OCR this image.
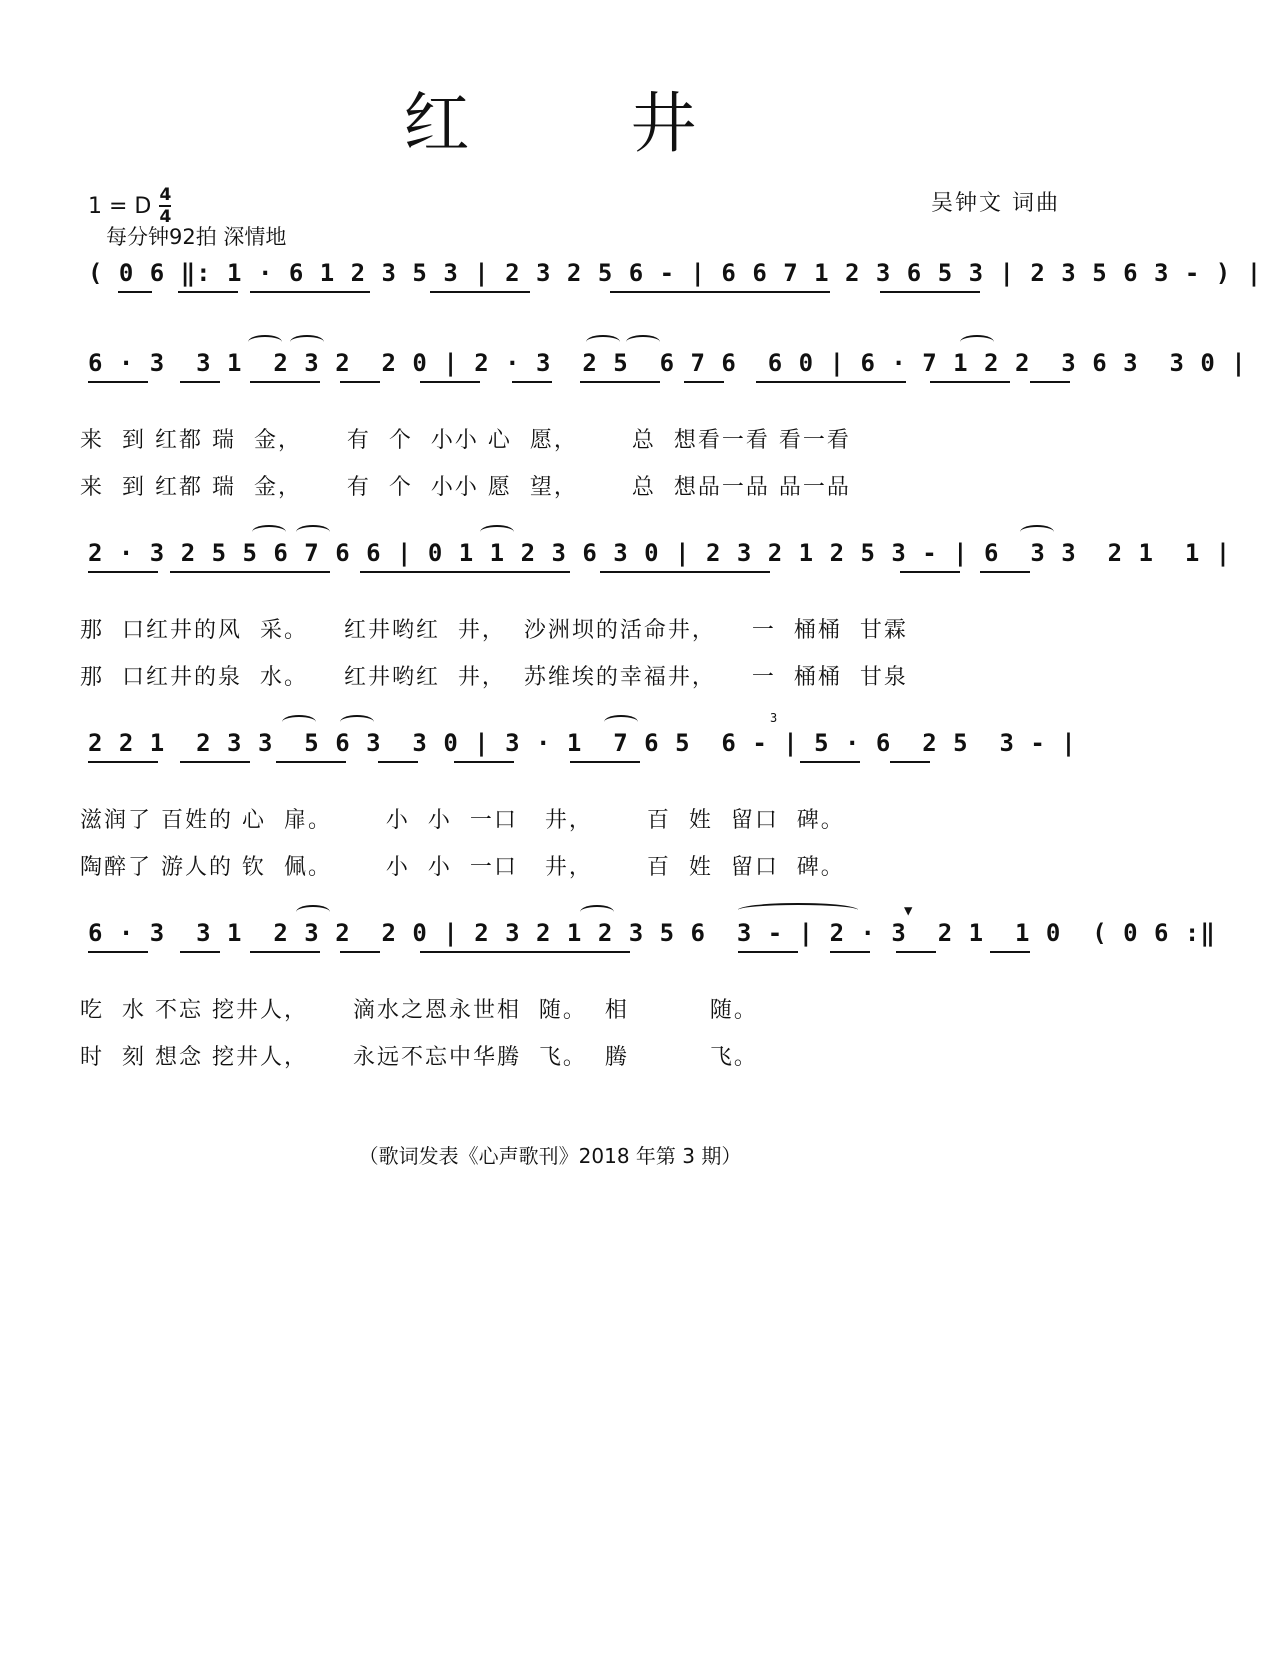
红 井
1 = D $\frac{4}{4}$
每分钟92拍 深情地
吴钟文 词曲
( 0 6 ‖: 1 · 6 1 2 3 5 3 | 2 3 2 5 6 - | 6 6 7 1 2 3 6 5 3 | 2 3 5 6 3 - ) |
6 · 3  3 1  2 3 2  2 0 | 2 · 3  2 5  6 7 6  6 0 | 6 · 7 1 2 2  3 6 3  3 0 |
来  到 红都 瑞  金，     有  个  小小 心  愿，      总  想看一看 看一看
来  到 红都 瑞  金，     有  个  小小 愿  望，      总  想品一品 品一品
2 · 3 2 5 5 6 7 6 6 | 0 1 1 2 3 6 3 0 | 2 3 2 1 2 5 3 - | 6  3 3  2 1  1 |
那  口红井的风  采。    红井哟红  井，  沙洲坝的活命井，    一  桶桶  甘霖
那  口红井的泉  水。    红井哟红  井，  苏维埃的幸福井，    一  桶桶  甘泉
2 2 1  2 3 3  5 6 3  3 0 | 3 · 1  7 6 5  6 - | 5 · 6  2 5  3 - |
3
滋润了 百姓的 心  扉。      小  小  一口   井，      百  姓  留口  碑。
陶醉了 游人的 钦  佩。      小  小  一口   井，      百  姓  留口  碑。
6 · 3  3 1  2 3 2  2 0 | 2 3 2 1 2 3 5 6  3 - | 2 · 3  2 1  1 0  ( 0 6 :‖
▼
吃  水 不忘 挖井人，     滴水之恩永世相  随。  相         随。
时  刻 想念 挖井人，     永远不忘中华腾  飞。  腾         飞。
（歌词发表《心声歌刊》2018 年第 3 期）
